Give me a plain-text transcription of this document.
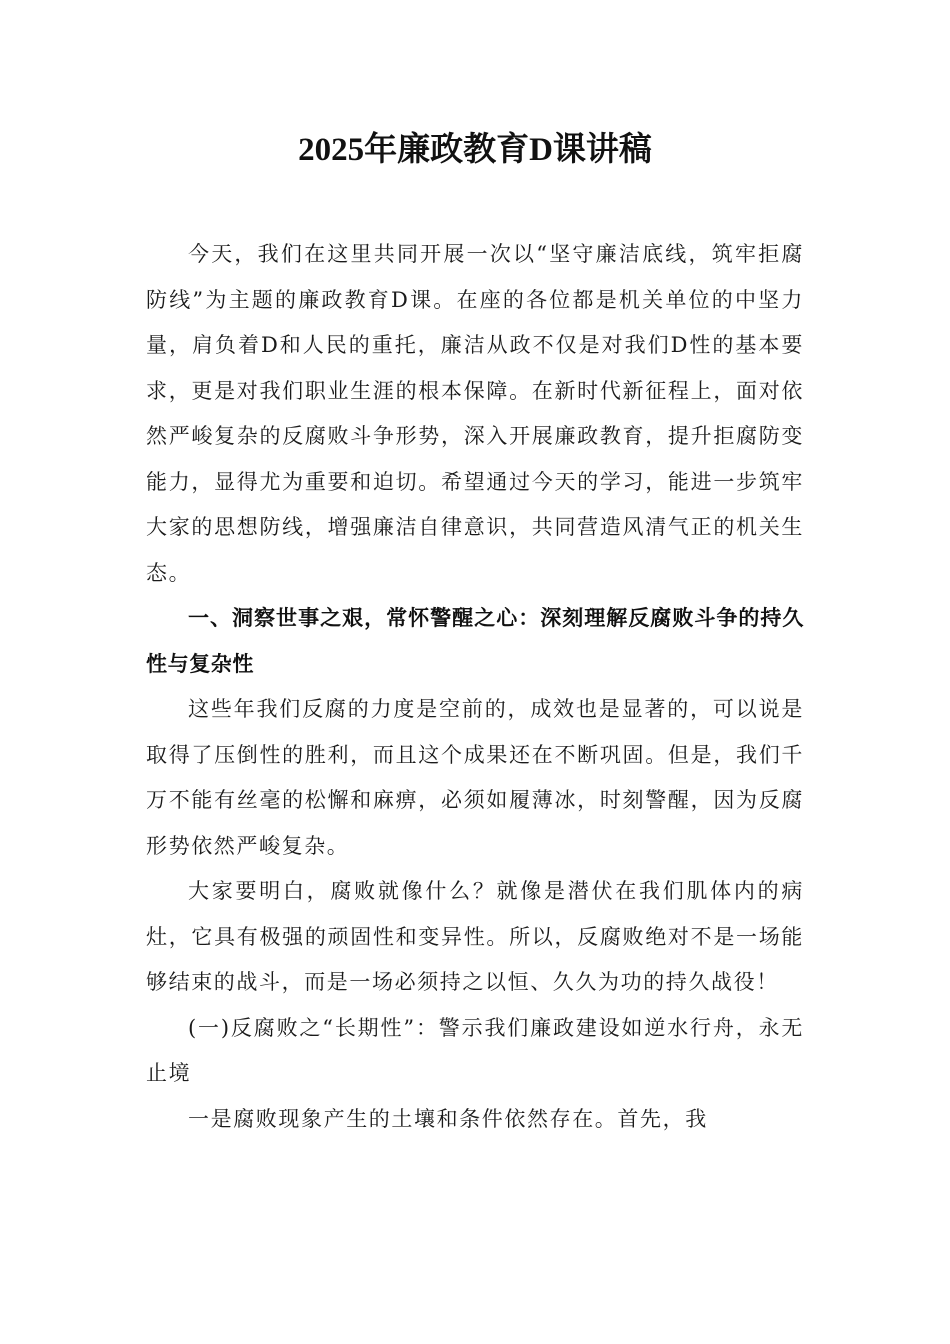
2025年廉政教育D课讲稿

今天，我们在这里共同开展一次以“坚守廉洁底线，筑牢拒腐防线”为主题的廉政教育D课。在座的各位都是机关单位的中坚力量，肩负着D和人民的重托，廉洁从政不仅是对我们D性的基本要求，更是对我们职业生涯的根本保障。在新时代新征程上，面对依然严峻复杂的反腐败斗争形势，深入开展廉政教育，提升拒腐防变能力，显得尤为重要和迫切。希望通过今天的学习，能进一步筑牢大家的思想防线，增强廉洁自律意识，共同营造风清气正的机关生态。

一、洞察世事之艰，常怀警醒之心：深刻理解反腐败斗争的持久性与复杂性

这些年我们反腐的力度是空前的，成效也是显著的，可以说是取得了压倒性的胜利，而且这个成果还在不断巩固。但是，我们千万不能有丝毫的松懈和麻痹，必须如履薄冰，时刻警醒，因为反腐形势依然严峻复杂。

大家要明白，腐败就像什么？就像是潜伏在我们肌体内的病灶，它具有极强的顽固性和变异性。所以，反腐败绝对不是一场能够结束的战斗，而是一场必须持之以恒、久久为功的持久战役！

(一)反腐败之“长期性”：警示我们廉政建设如逆水行舟，永无止境

一是腐败现象产生的土壤和条件依然存在。首先，我
